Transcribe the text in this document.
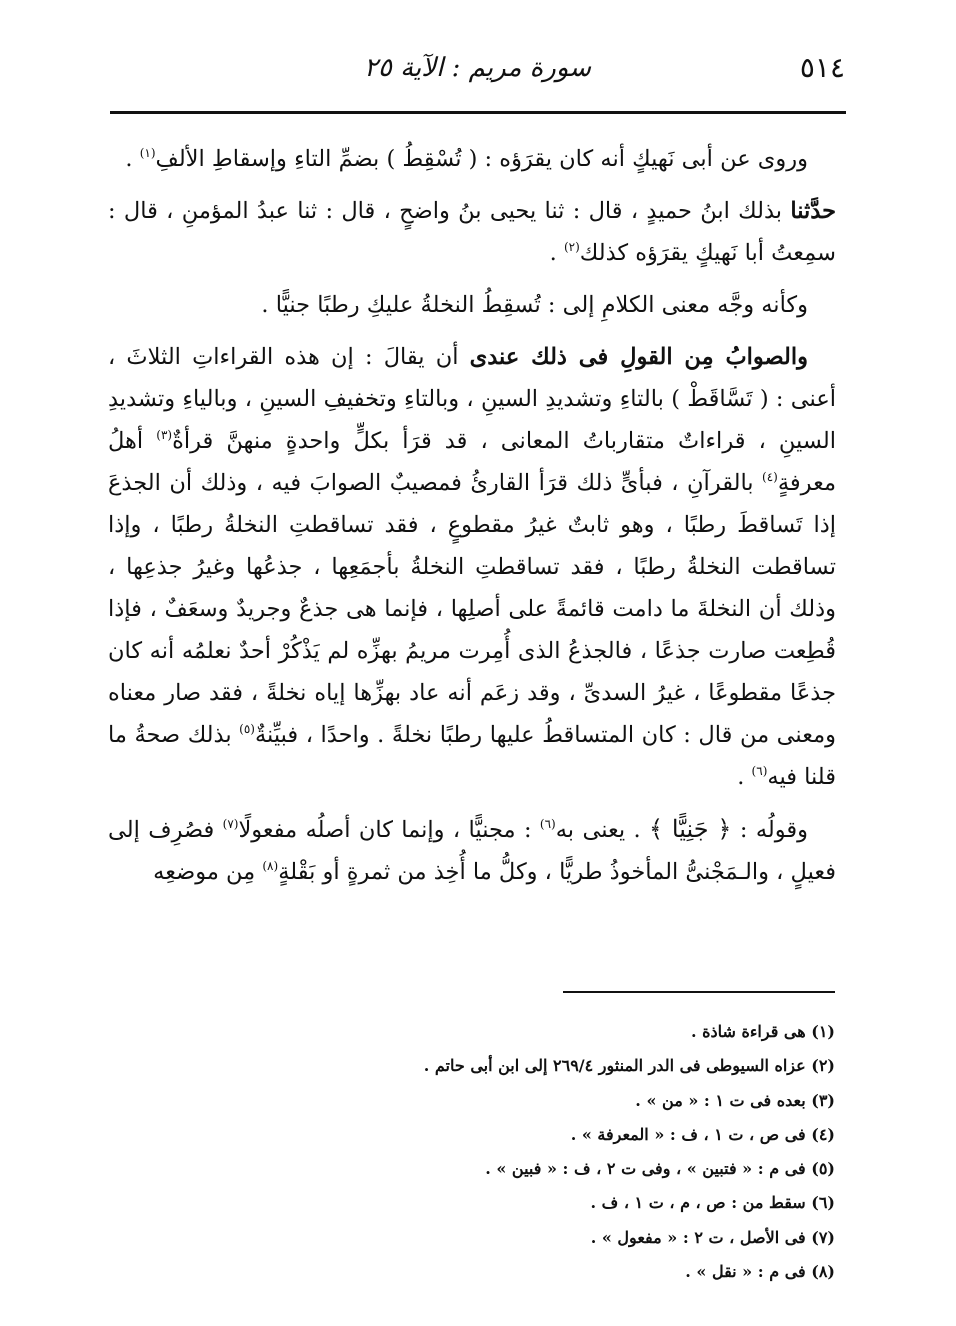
٥١٤
سورة مريم : الآية ٢٥

وروى عن أبى نَهيكٍ أنه كان يقرَؤه : ( تُسْقِطُ ) بضمِّ التاءِ وإسقاطِ الألفِ$^{(١)}$ .

حدَّثنا بذلك ابنُ حميدٍ ، قال : ثنا يحيى بنُ واضحٍ ، قال : ثنا عبدُ المؤمنِ ، قال : سمِعتُ أبا نَهيكٍ يقرَؤه كذلك$^{(٢)}$ .

وكأنه وجَّه معنى الكلامِ إلى : تُسقِطُ النخلةُ عليكِ رطبًا جنيًّا .

والصوابُ مِن القولِ فى ذلك عندى أن يقالَ : إن هذه القراءاتِ الثلاثَ ، أعنى : ( تَسَّاقَطْ ) بالتاءِ وتشديدِ السينِ ، وبالتاءِ وتخفيفِ السينِ ، وبالياءِ وتشديدِ السينِ ، قراءاتٌ متقارباتُ المعانى ، قد قرَأ بكلٍّ واحدةٍ منهنَّ قرأةٌ$^{(٣)}$ أهلُ معرفةٍ$^{(٤)}$ بالقرآنِ ، فبأىٍّ ذلك قرَأ القارئُ فمصيبٌ الصوابَ فيه ، وذلك أن الجذعَ إذا تَساقطَ رطبًا ، وهو ثابتٌ غيرُ مقطوعٍ ، فقد تساقطتِ النخلةُ رطبًا ، وإذا تساقطت النخلةُ رطبًا ، فقد تساقطتِ النخلةُ بأجمَعِها ، جذعُها وغيرُ جذعِها ، وذلك أن النخلةَ ما دامت قائمةً على أصلِها ، فإنما هى جذعٌ وجريدٌ وسعَفٌ ، فإذا قُطِعت صارت جذعًا ، فالجذعُ الذى أُمِرت مريمُ بهزِّه لم يَذْكُرْ أحدٌ نعلمُه أنه كان جذعًا مقطوعًا ، غيرُ السدىِّ ، وقد زعَم أنه عاد بهزِّها إياه نخلةً ، فقد صار معناه ومعنى من قال : كان المتساقطُ عليها رطبًا نخلةً . واحدًا ، فبيِّنةٌ$^{(٥)}$ بذلك صحةُ ما قلنا فيه$^{(٦)}$ .

وقولُه : ﴿ جَنِيًّا ﴾ . يعنى به$^{(٦)}$ : مجنيًّا ، وإنما كان أصلُه مفعولًا$^{(٧)}$ فصُرِف إلى فعيلٍ ، والـمَجْنىُّ المأخوذُ طريًّا ، وكلُّ ما أُخِذ من ثمرةٍ أو بَقْلةٍ$^{(٨)}$ مِن موضعِه

(١) هى قراءة شاذة .
(٢) عزاه السيوطى فى الدر المنثور ٢٦٩/٤ إلى ابن أبى حاتم .
(٣) بعده فى ت ١ : « من » .
(٤) فى ص ، ت ١ ، ف : « المعرفة » .
(٥) فى م : « فتبين » ، وفى ت ٢ ، ف : « فبين » .
(٦) سقط من : ص ، م ، ت ١ ، ف .
(٧) فى الأصل ، ت ٢ : « مفعول » .
(٨) فى م : « نقل » .
